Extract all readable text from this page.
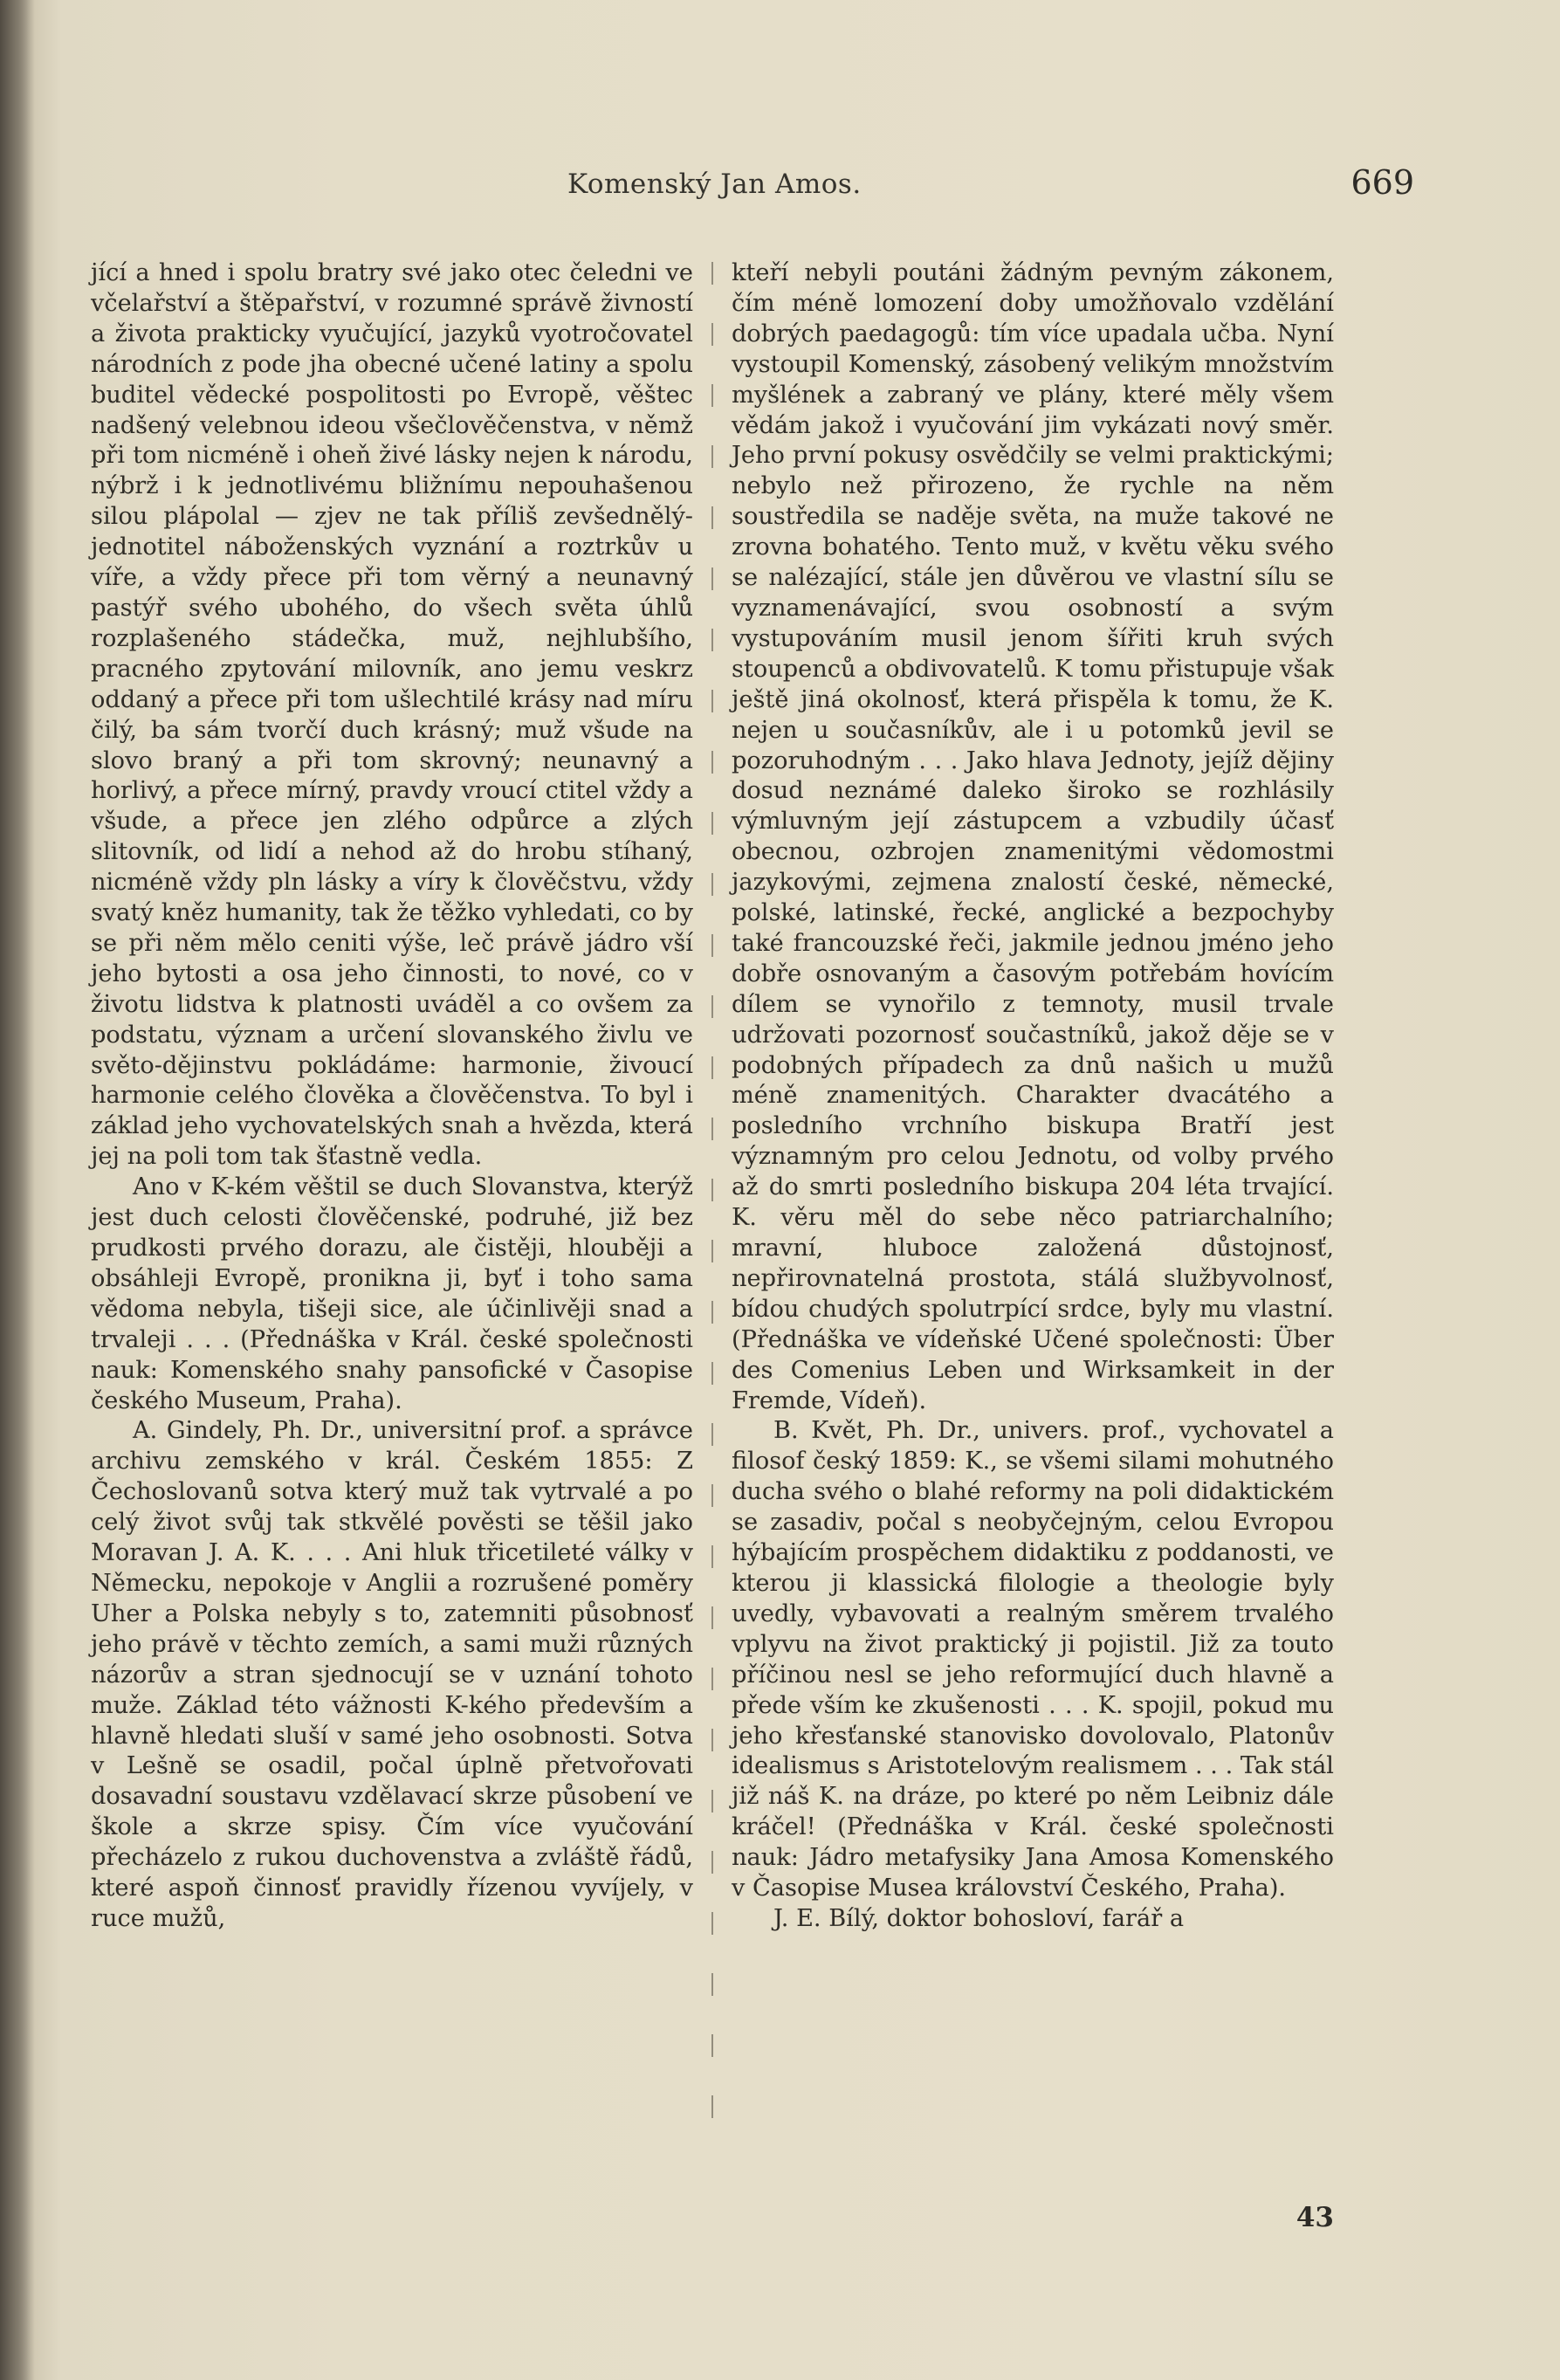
Komenský Jan Amos.	669

jící a hned i spolu bratry své jako otec čeledni ve včelařství a štěpařství, v rozumné správě živností a života prakticky vyučující, jazyků vyotročovatel národních z pode jha obecné učené latiny a spolu buditel vědecké pospolitosti po Evropě, věštec nadšený velebnou ideou všečlověčenstva, v němž při tom nicméně i oheň živé lásky nejen k národu, nýbrž i k jednotlivému bližnímu nepouhašenou silou plápolal — zjev ne tak příliš zevšednělý-jednotitel náboženských vyznání a roztrkův u víře, a vždy přece při tom věrný a neunavný pastýř svého ubohého, do všech světa úhlů rozplašeného stádečka, muž, nejhlubšího, pracného zpytování milovník, ano jemu veskrz oddaný a přece při tom ušlechtilé krásy nad míru čilý, ba sám tvorčí duch krásný; muž všude na slovo braný a při tom skrovný; neunavný a horlivý, a přece mírný, pravdy vroucí ctitel vždy a všude, a přece jen zlého odpůrce a zlých slitovník, od lidí a nehod až do hrobu stíhaný, nicméně vždy pln lásky a víry k člověčstvu, vždy svatý kněz humanity, tak že těžko vyhledati, co by se při něm mělo ceniti výše, leč právě jádro vší jeho bytosti a osa jeho činnosti, to nové, co v životu lidstva k platnosti uváděl a co ovšem za podstatu, význam a určení slovanského živlu ve světo-dějinstvu pokládáme: harmonie, živoucí harmonie celého člověka a člověčenstva. To byl i základ jeho vychovatelských snah a hvězda, která jej na poli tom tak šťastně vedla.

Ano v K-kém věštil se duch Slovanstva, kterýž jest duch celosti člověčenské, podruhé, již bez prudkosti prvého dorazu, ale čistěji, hlouběji a obsáhleji Evropě, pronikna ji, byť i toho sama vědoma nebyla, tišeji sice, ale účinlivěji snad a trvaleji . . . (Přednáška v Král. české společnosti nauk: Komenského snahy pansofické v Časopise českého Museum, Praha).

A. Gindely, Ph. Dr., universitní prof. a správce archivu zemského v král. Českém 1855: Z Čechoslovanů sotva který muž tak vytrvalé a po celý život svůj tak stkvělé pověsti se těšil jako Moravan J. A. K. . . . Ani hluk třicetileté války v Německu, nepokoje v Anglii a rozrušené poměry Uher a Polska nebyly s to, zatemniti působnosť jeho právě v těchto zemích, a sami muži různých názorův a stran sjednocují se v uznání tohoto muže. Základ této vážnosti K-kého především a hlavně hledati sluší v samé jeho osobnosti. Sotva v Lešně se osadil, počal úplně přetvořovati dosavadní soustavu vzdělavací skrze působení ve škole a skrze spisy. Čím více vyučování přecházelo z rukou duchovenstva a zvláště řádů, které aspoň činnosť pravidly řízenou vyvíjely, v ruce mužů,

kteří nebyli poutáni žádným pevným zákonem, čím méně lomození doby umožňovalo vzdělání dobrých paedagogů: tím více upadala učba. Nyní vystoupil Komenský, zásobený velikým množstvím myšlének a zabraný ve plány, které měly všem vědám jakož i vyučování jim vykázati nový směr. Jeho první pokusy osvědčily se velmi praktickými; nebylo než přirozeno, že rychle na něm soustředila se naděje světa, na muže takové ne zrovna bohatého. Tento muž, v květu věku svého se nalézající, stále jen důvěrou ve vlastní sílu se vyznamenávající, svou osobností a svým vystupováním musil jenom šířiti kruh svých stoupenců a obdivovatelů. K tomu přistupuje však ještě jiná okolnosť, která přispěla k tomu, že K. nejen u současníkův, ale i u potomků jevil se pozoruhodným . . . Jako hlava Jednoty, jejíž dějiny dosud neznámé daleko široko se rozhlásily výmluvným její zástupcem a vzbudily účasť obecnou, ozbrojen znamenitými vědomostmi jazykovými, zejmena znalostí české, německé, polské, latinské, řecké, anglické a bezpochyby také francouzské řeči, jakmile jednou jméno jeho dobře osnovaným a časovým potřebám hovícím dílem se vynořilo z temnoty, musil trvale udržovati pozornosť součastníků, jakož děje se v podobných případech za dnů našich u mužů méně znamenitých. Charakter dvacátého a posledního vrchního biskupa Bratří jest významným pro celou Jednotu, od volby prvého až do smrti posledního biskupa 204 léta trvající. K. věru měl do sebe něco patriarchalního; mravní, hluboce založená důstojnosť, nepřirovnatelná prostota, stálá službyvolnosť, bídou chudých spolutrpící srdce, byly mu vlastní. (Přednáška ve vídeňské Učené společnosti: Über des Comenius Leben und Wirksamkeit in der Fremde, Vídeň).

B. Květ, Ph. Dr., univers. prof., vychovatel a filosof český 1859: K., se všemi silami mohutného ducha svého o blahé reformy na poli didaktickém se zasadiv, počal s neobyčejným, celou Evropou hýbajícím prospěchem didaktiku z poddanosti, ve kterou ji klassická filologie a theologie byly uvedly, vybavovati a realným směrem trvalého vplyvu na život praktický ji pojistil. Již za touto příčinou nesl se jeho reformující duch hlavně a přede vším ke zkušenosti . . . K. spojil, pokud mu jeho křesťanské stanovisko dovolovalo, Platonův idealismus s Aristotelovým realismem . . . Tak stál již náš K. na dráze, po které po něm Leibniz dále kráčel! (Přednáška v Král. české společnosti nauk: Jádro metafysiky Jana Amosa Komenského v Časopise Musea království Českého, Praha).

J. E. Bílý, doktor bohosloví, farář a

43
